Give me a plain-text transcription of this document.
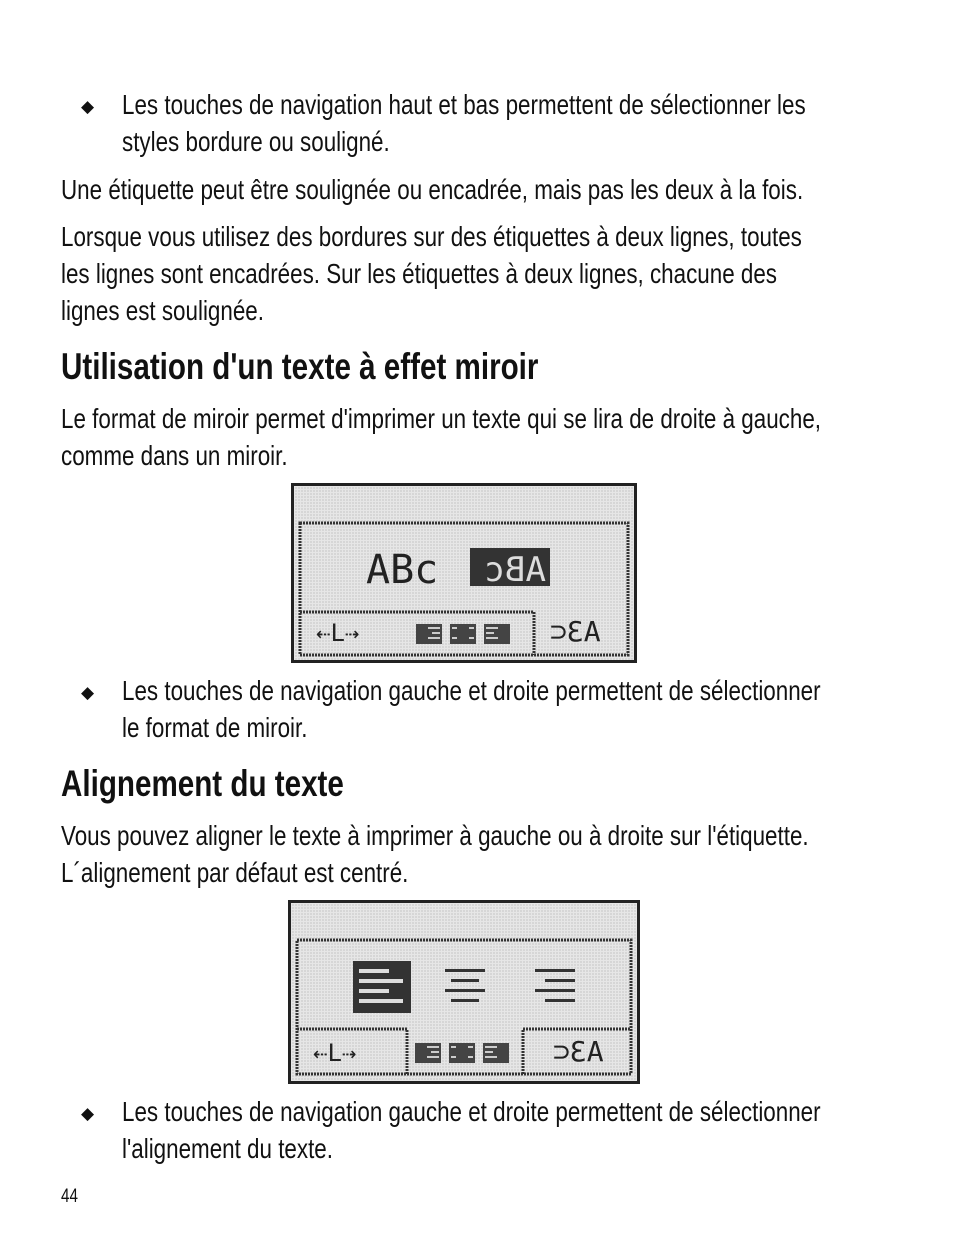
◆ Les touches de navigation haut et bas permettent de sélectionner les
styles bordure ou souligné.
Une étiquette peut être soulignée ou encadrée, mais pas les deux à la fois.
Lorsque vous utilisez des bordures sur des étiquettes à deux lignes, toutes
les lignes sont encadrées. Sur les étiquettes à deux lignes, chacune des
lignes est soulignée.
Utilisation d'un texte à effet miroir
Le format de miroir permet d'imprimer un texte qui se lira de droite à gauche,
comme dans un miroir.
ABc ABc
⇠L⇢	⊃ƐA
◆ Les touches de navigation gauche et droite permettent de sélectionner
le format de miroir.
Alignement du texte
Vous pouvez aligner le texte à imprimer à gauche ou à droite sur l'étiquette.
L´alignement par défaut est centré.
⇠L⇢	⊃ƐA
◆ Les touches de navigation gauche et droite permettent de sélectionner
l'alignement du texte.
44
